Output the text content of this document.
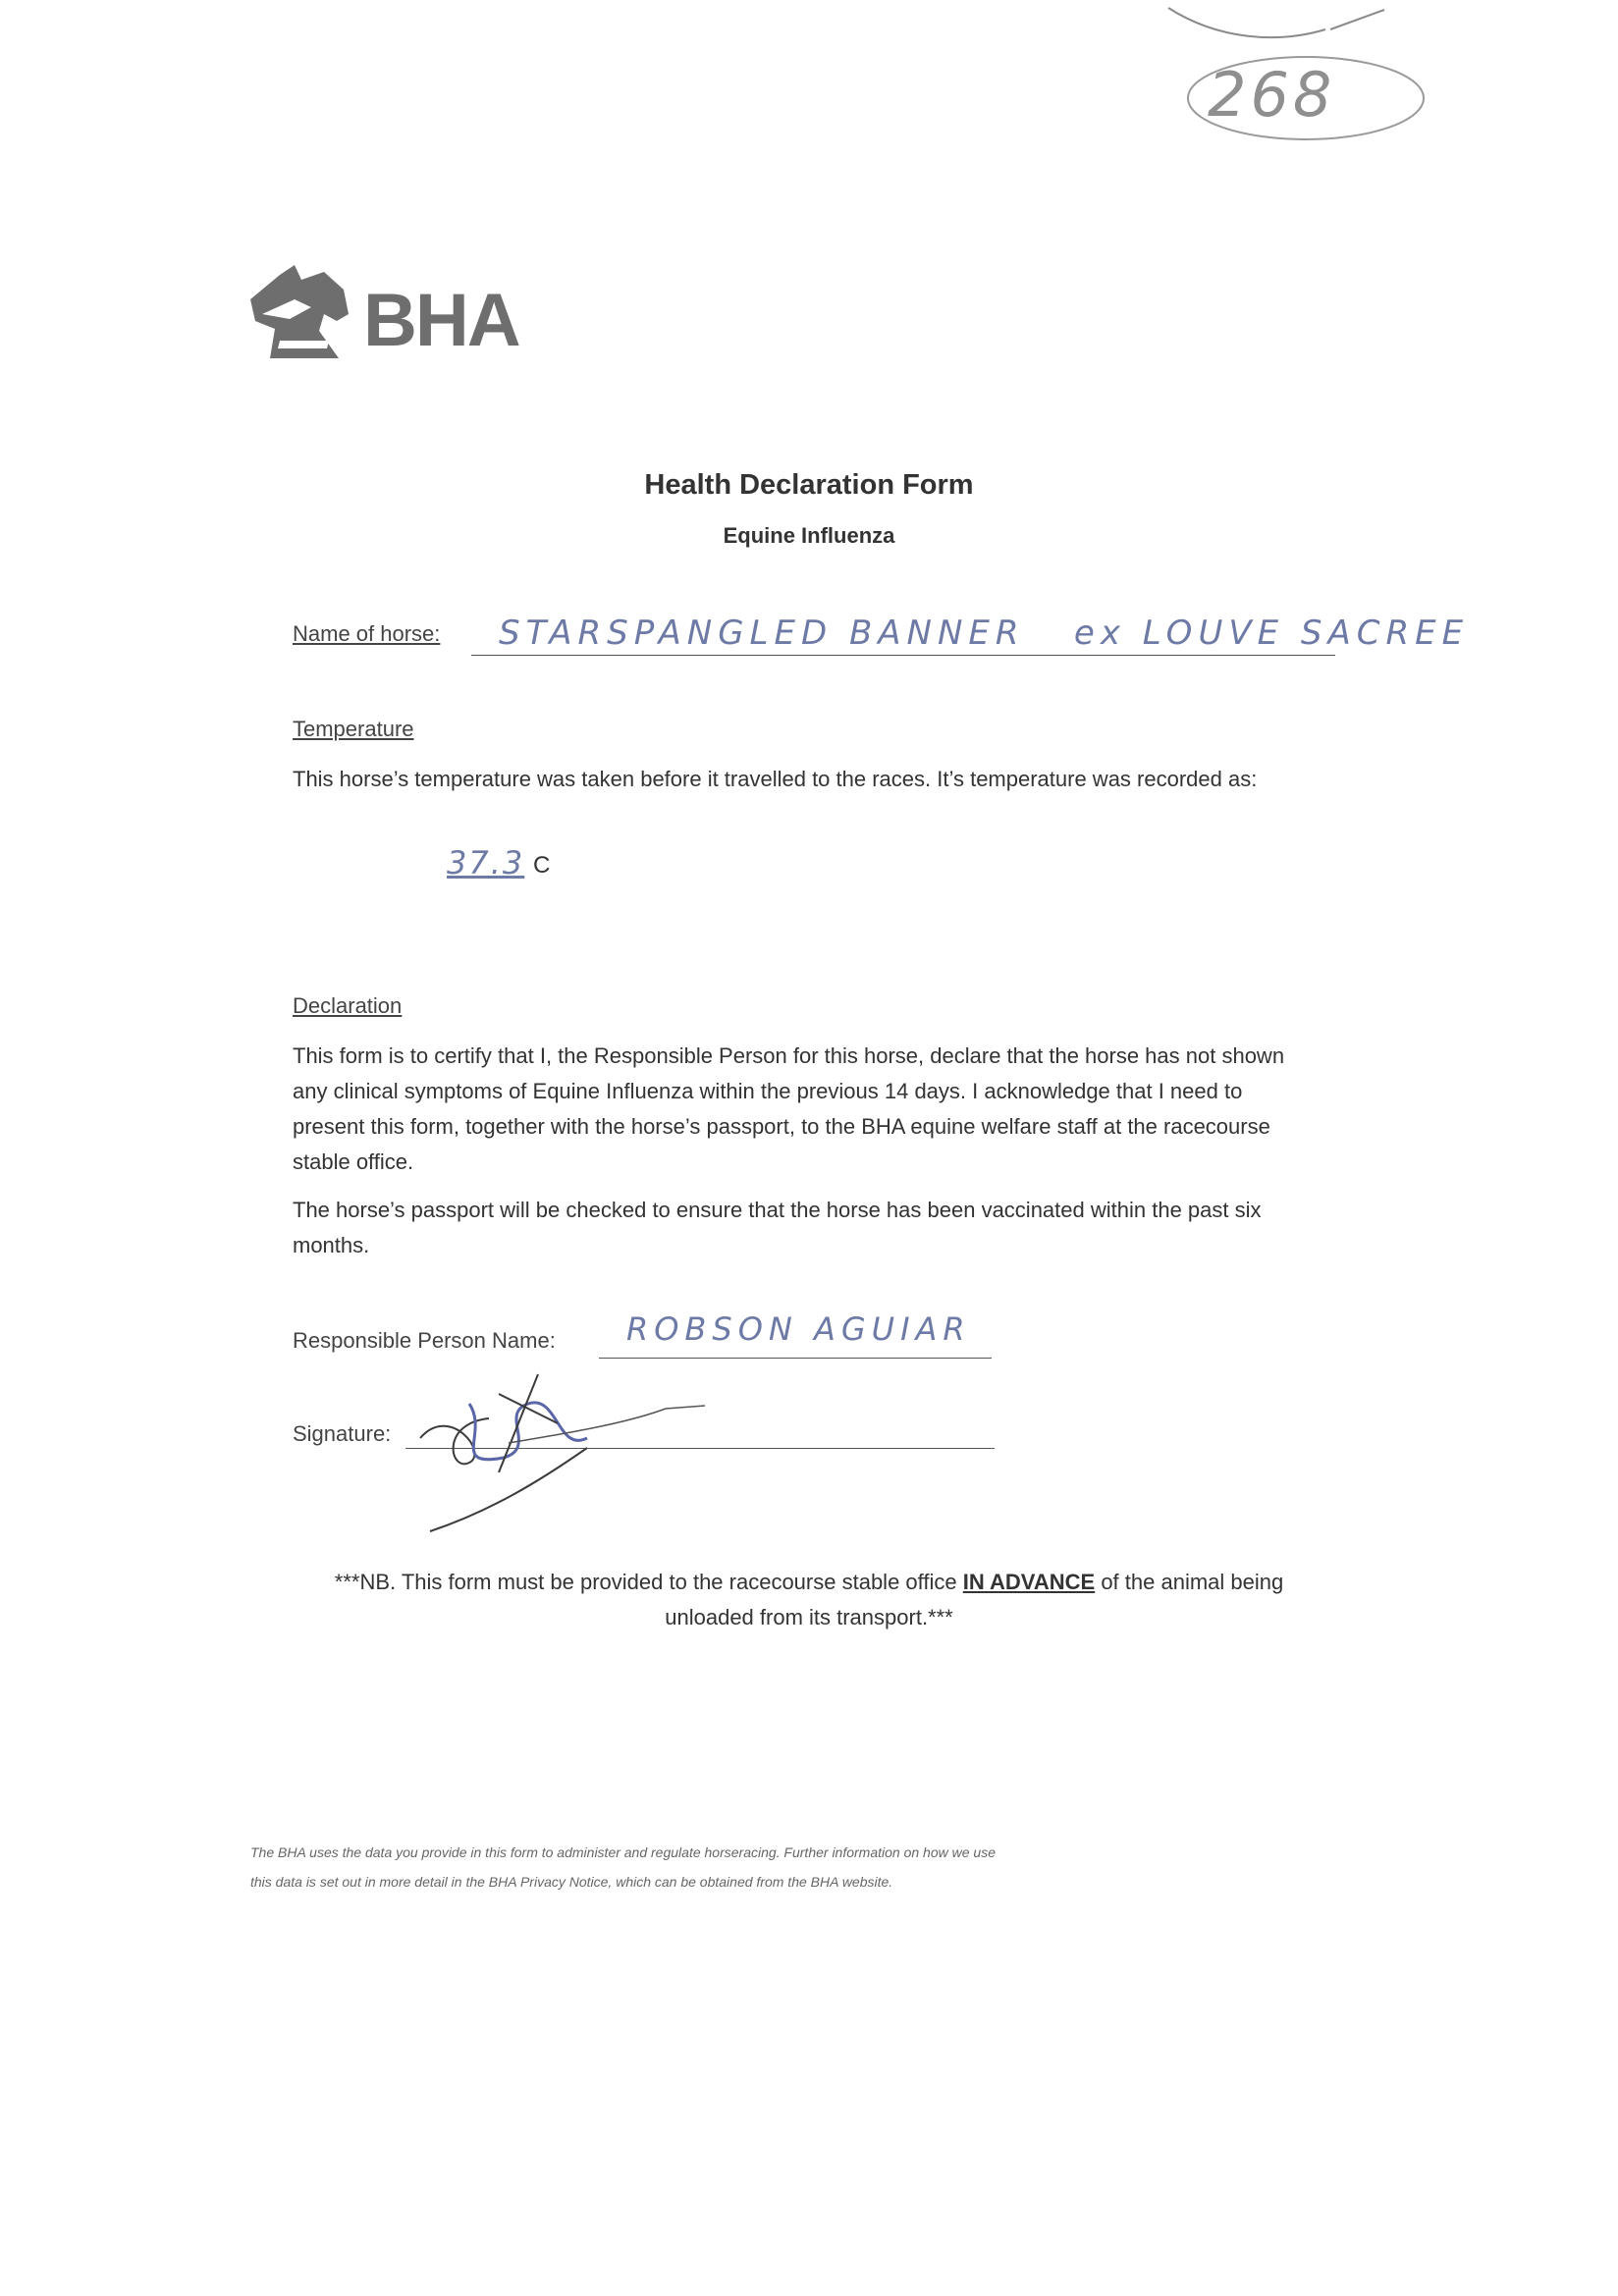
268
BHA
Health Declaration Form
Equine Influenza
Name of horse: STARSPANGLED BANNER   ex LOUVE SACREE
Temperature
This horse’s temperature was taken before it travelled to the races. It’s temperature was recorded as:
37.3 C
Declaration
This form is to certify that I, the Responsible Person for this horse, declare that the horse has not shown any clinical symptoms of Equine Influenza within the previous 14 days. I acknowledge that I need to present this form, together with the horse’s passport, to the BHA equine welfare staff at the racecourse stable office.
The horse’s passport will be checked to ensure that the horse has been vaccinated within the past six months.
Responsible Person Name: ROBSON AGUIAR
Signature:
***NB. This form must be provided to the racecourse stable office IN ADVANCE of the animal being unloaded from its transport.***
The BHA uses the data you provide in this form to administer and regulate horseracing. Further information on how we use
this data is set out in more detail in the BHA Privacy Notice, which can be obtained from the BHA website.
